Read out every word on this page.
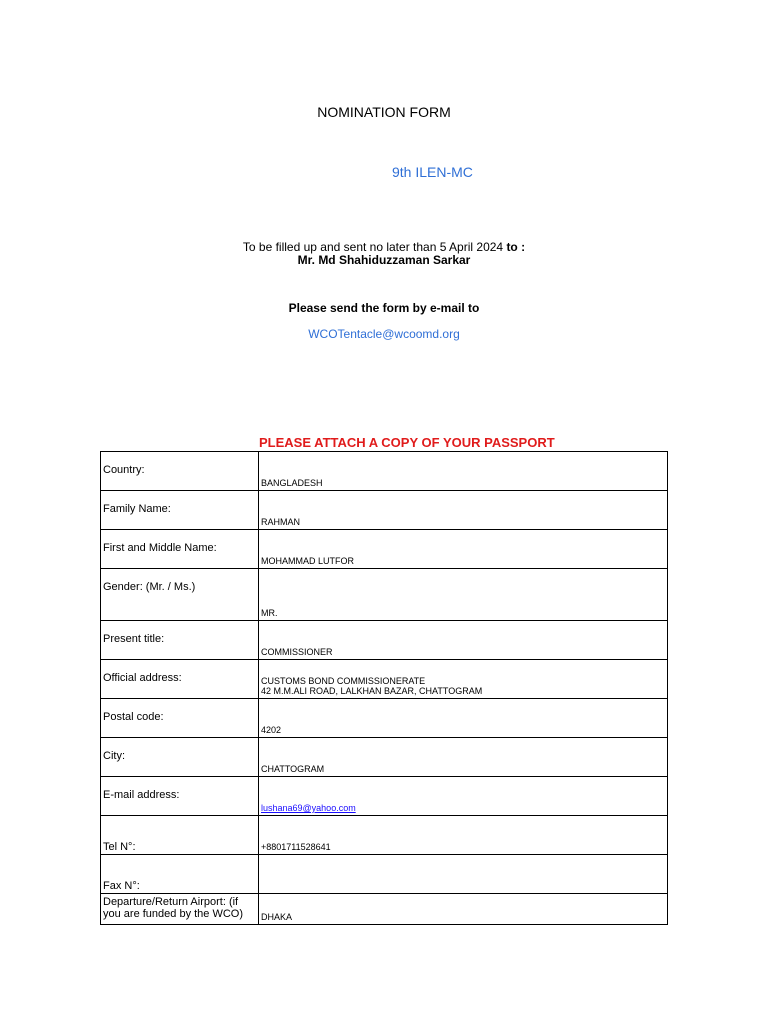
NOMINATION FORM
9th ILEN-MC
To be filled up and sent no later than 5 April 2024 to :
Mr. Md Shahiduzzaman Sarkar
Please send the form by e-mail to
WCOTentacle@wcoomd.org
PLEASE ATTACH A COPY OF YOUR PASSPORT
Country:	BANGLADESH
Family Name:	RAHMAN
First and Middle Name:	MOHAMMAD LUTFOR
Gender: (Mr. / Ms.)	MR.
Present title:	COMMISSIONER
Official address:	CUSTOMS BOND COMMISSIONERATE
42 M.M.ALI ROAD, LALKHAN BAZAR, CHATTOGRAM

Postal code:	4202
City:	CHATTOGRAM
E-mail address:	lushana69@yahoo.com
Tel N°:	+8801711528641
Fax N°:	
Departure/Return Airport: (if you are funded by the WCO)	DHAKA
